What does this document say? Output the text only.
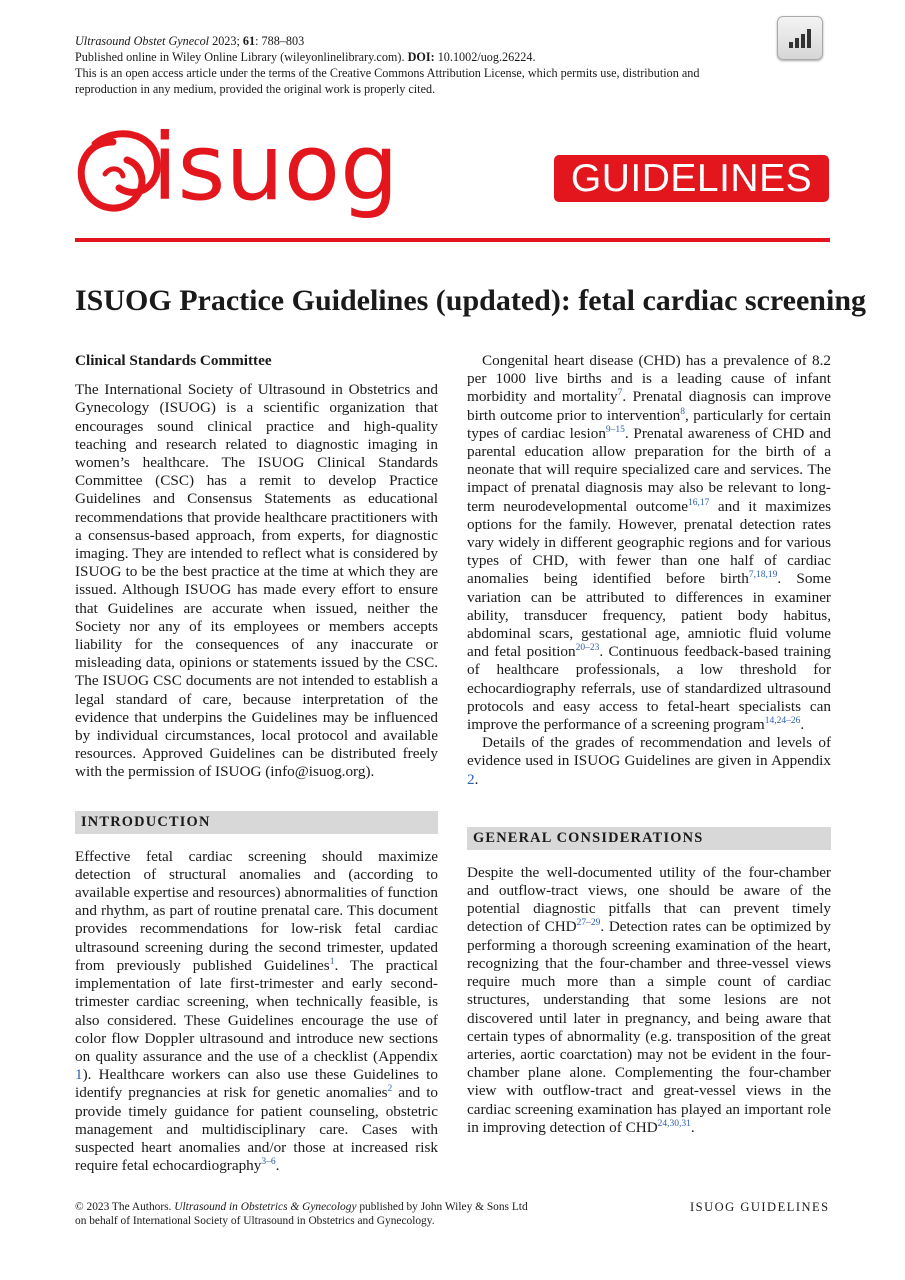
Ultrasound Obstet Gynecol 2023; 61: 788–803
Published online in Wiley Online Library (wileyonlinelibrary.com). DOI: 10.1002/uog.26224.
This is an open access article under the terms of the Creative Commons Attribution License, which permits use, distribution and
reproduction in any medium, provided the original work is properly cited.
isuog	GUIDELINES
ISUOG Practice Guidelines (updated): fetal cardiac screening

Clinical Standards Committee

The International Society of Ultrasound in Obstetrics and Gynecology (ISUOG) is a scientific organization that encourages sound clinical practice and high-quality teaching and research related to diagnostic imaging in women’s healthcare. The ISUOG Clinical Standards Committee (CSC) has a remit to develop Practice Guidelines and Consensus Statements as educational recommendations that provide healthcare practitioners with a consensus-based approach, from experts, for diagnostic imaging. They are intended to reflect what is considered by ISUOG to be the best practice at the time at which they are issued. Although ISUOG has made every effort to ensure that Guidelines are accurate when issued, neither the Society nor any of its employees or members accepts liability for the consequences of any inaccurate or misleading data, opinions or statements issued by the CSC. The ISUOG CSC documents are not intended to establish a legal standard of care, because interpretation of the evidence that underpins the Guidelines may be influenced by individual circumstances, local protocol and available resources. Approved Guidelines can be distributed freely with the permission of ISUOG (info@isuog.org).

INTRODUCTION

Effective fetal cardiac screening should maximize detection of structural anomalies and (according to available expertise and resources) abnormalities of function and rhythm, as part of routine prenatal care. This document provides recommendations for low-risk fetal cardiac ultrasound screening during the second trimester, updated from previously published Guidelines$^1$. The practical implementation of late first-trimester and early second-trimester cardiac screening, when technically feasible, is also considered. These Guidelines encourage the use of color flow Doppler ultrasound and introduce new sections on quality assurance and the use of a checklist (Appendix 1). Healthcare workers can also use these Guidelines to identify pregnancies at risk for genetic anomalies$^2$ and to provide timely guidance for patient counseling, obstetric management and multidisciplinary care. Cases with suspected heart anomalies and/or those at increased risk require fetal echocardiography$^{3-6}$.

Congenital heart disease (CHD) has a prevalence of 8.2 per 1000 live births and is a leading cause of infant morbidity and mortality$^7$. Prenatal diagnosis can improve birth outcome prior to intervention$^8$, particularly for certain types of cardiac lesion$^{9-15}$. Prenatal awareness of CHD and parental education allow preparation for the birth of a neonate that will require specialized care and services. The impact of prenatal diagnosis may also be relevant to long-term neurodevelopmental outcome$^{16,17}$ and it maximizes options for the family. However, prenatal detection rates vary widely in different geographic regions and for various types of CHD, with fewer than one half of cardiac anomalies being identified before birth$^{7,18,19}$. Some variation can be attributed to differences in examiner ability, transducer frequency, patient body habitus, abdominal scars, gestational age, amniotic fluid volume and fetal position$^{20-23}$. Continuous feedback-based training of healthcare professionals, a low threshold for echocardiography referrals, use of standardized ultrasound protocols and easy access to fetal-heart specialists can improve the performance of a screening program$^{14,24-26}$.

Details of the grades of recommendation and levels of evidence used in ISUOG Guidelines are given in Appendix 2.

GENERAL CONSIDERATIONS

Despite the well-documented utility of the four-chamber and outflow-tract views, one should be aware of the potential diagnostic pitfalls that can prevent timely detection of CHD$^{27-29}$. Detection rates can be optimized by performing a thorough screening examination of the heart, recognizing that the four-chamber and three-vessel views require much more than a simple count of cardiac structures, understanding that some lesions are not discovered until later in pregnancy, and being aware that certain types of abnormality (e.g. transposition of the great arteries, aortic coarctation) may not be evident in the four-chamber plane alone. Complementing the four-chamber view with outflow-tract and great-vessel views in the cardiac screening examination has played an important role in improving detection of CHD$^{24,30,31}$.

© 2023 The Authors. Ultrasound in Obstetrics & Gynecology published by John Wiley & Sons Ltd
on behalf of International Society of Ultrasound in Obstetrics and Gynecology.
ISUOG GUIDELINES
